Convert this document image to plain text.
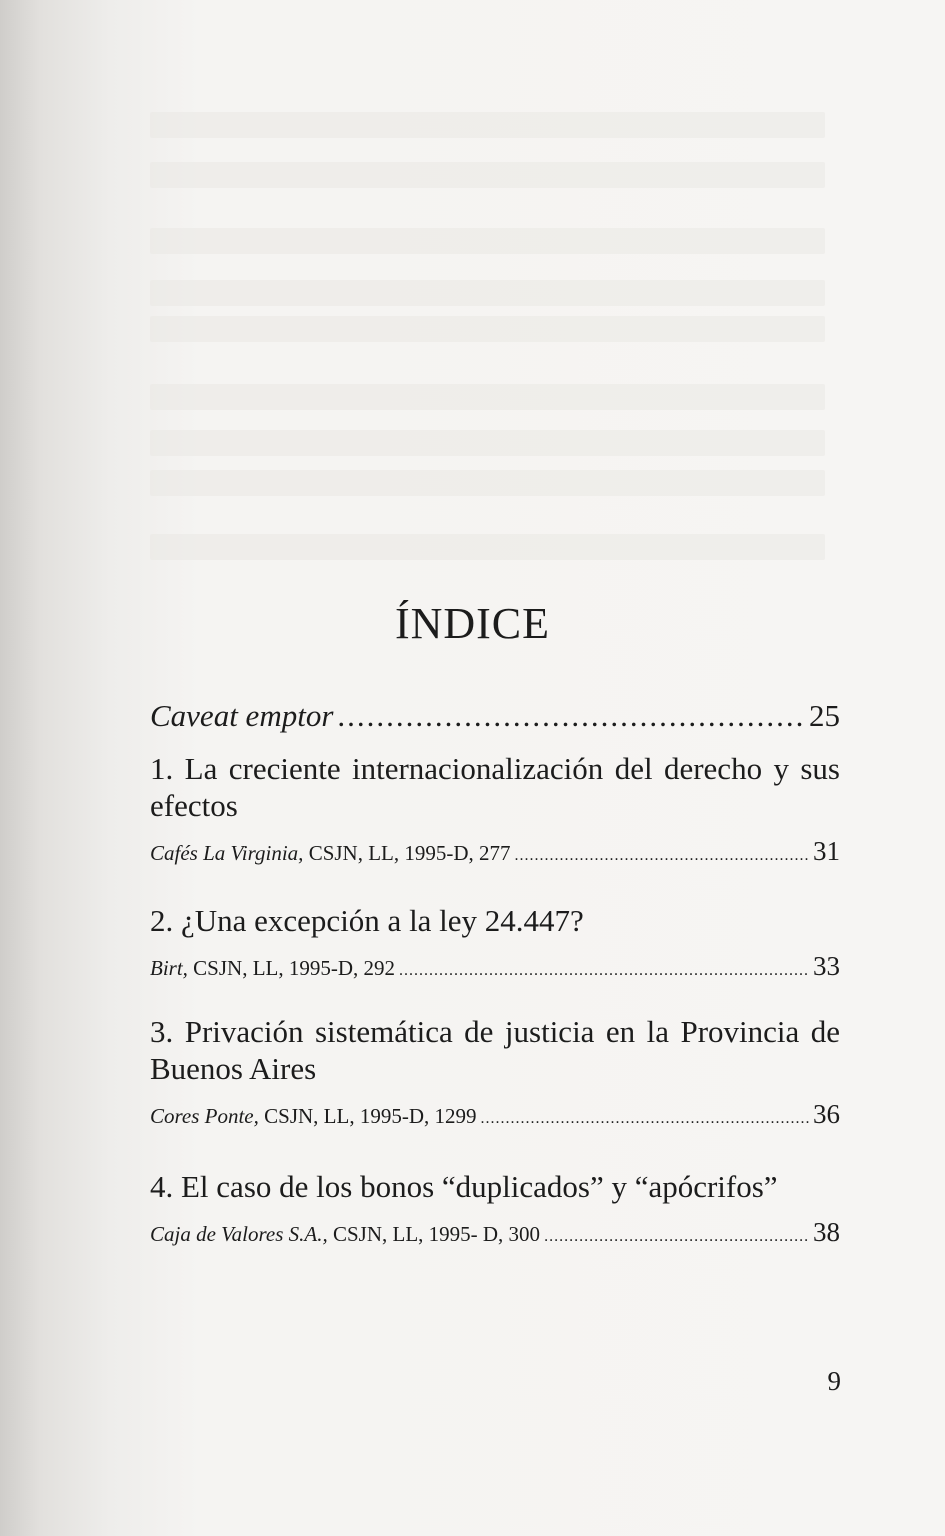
ÍNDICE
Caveat emptor .....	25
1. La creciente internacionalización del derecho y sus efectos
Cafés La Virginia, CSJN, LL, 1995-D, 277 .....	31
2. ¿Una excepción a la ley 24.447?
Birt, CSJN, LL, 1995-D, 292 .....	33
3. Privación sistemática de justicia en la Provincia de Buenos Aires
Cores Ponte, CSJN, LL, 1995-D, 1299 .....	36
4. El caso de los bonos “duplicados” y “apócrifos”
Caja de Valores S.A., CSJN, LL, 1995- D, 300 .....	38
9
